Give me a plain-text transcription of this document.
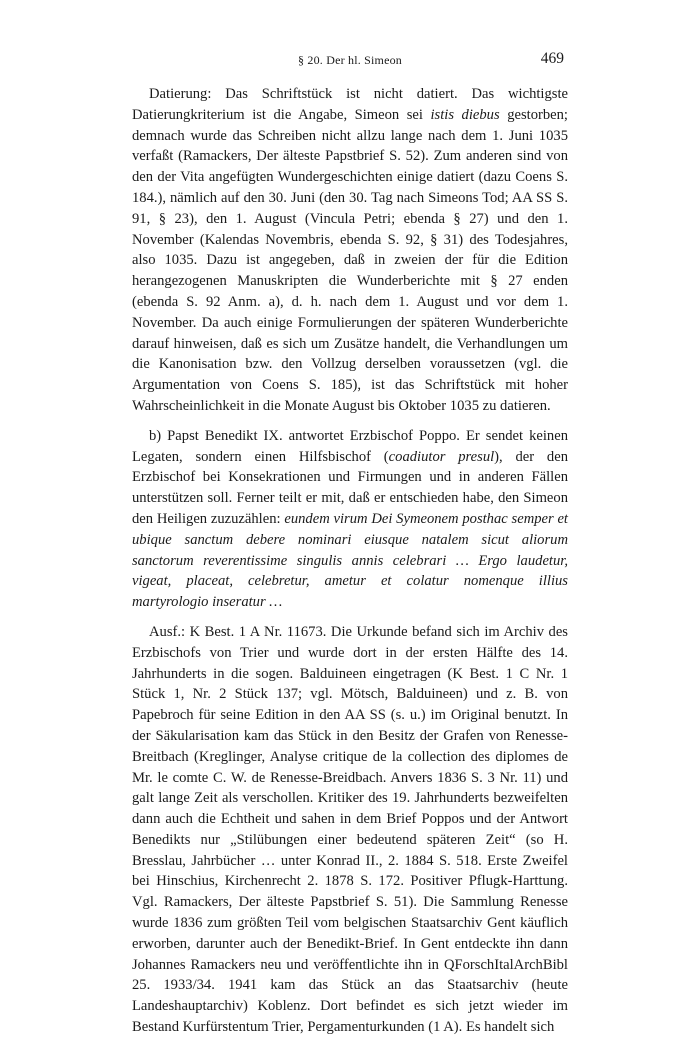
§ 20. Der hl. Simeon	469

Datierung: Das Schriftstück ist nicht datiert. Das wichtigste Datierungkriterium ist die Angabe, Simeon sei istis diebus gestorben; demnach wurde das Schreiben nicht allzu lange nach dem 1. Juni 1035 verfaßt (Ramackers, Der älteste Papstbrief S. 52). Zum anderen sind von den der Vita angefügten Wundergeschichten einige datiert (dazu Coens S. 184.), nämlich auf den 30. Juni (den 30. Tag nach Simeons Tod; AA SS S. 91, § 23), den 1. August (Vincula Petri; ebenda § 27) und den 1. November (Kalendas Novembris, ebenda S. 92, § 31) des Todesjahres, also 1035. Dazu ist angegeben, daß in zweien der für die Edition herangezogenen Manuskripten die Wunderberichte mit § 27 enden (ebenda S. 92 Anm. a), d. h. nach dem 1. August und vor dem 1. November. Da auch einige Formulierungen der späteren Wunderberichte darauf hinweisen, daß es sich um Zusätze handelt, die Verhandlungen um die Kanonisation bzw. den Vollzug derselben voraussetzen (vgl. die Argumentation von Coens S. 185), ist das Schriftstück mit hoher Wahrscheinlichkeit in die Monate August bis Oktober 1035 zu datieren.

b) Papst Benedikt IX. antwortet Erzbischof Poppo. Er sendet keinen Legaten, sondern einen Hilfsbischof (coadiutor presul), der den Erzbischof bei Konsekrationen und Firmungen und in anderen Fällen unterstützen soll. Ferner teilt er mit, daß er entschieden habe, den Simeon den Heiligen zuzuzählen: eundem virum Dei Symeonem posthac semper et ubique sanctum debere nominari eiusque natalem sicut aliorum sanctorum reverentissime singulis annis celebrari … Ergo laudetur, vigeat, placeat, celebretur, ametur et colatur nomenque illius martyrologio inseratur …

Ausf.: K Best. 1 A Nr. 11673. Die Urkunde befand sich im Archiv des Erzbischofs von Trier und wurde dort in der ersten Hälfte des 14. Jahrhunderts in die sogen. Balduineen eingetragen (K Best. 1 C Nr. 1 Stück 1, Nr. 2 Stück 137; vgl. Mötsch, Balduineen) und z. B. von Papebroch für seine Edition in den AA SS (s. u.) im Original benutzt. In der Säkularisation kam das Stück in den Besitz der Grafen von Renesse-Breitbach (Kreglinger, Analyse critique de la collection des diplomes de Mr. le comte C. W. de Renesse-Breidbach. Anvers 1836 S. 3 Nr. 11) und galt lange Zeit als verschollen. Kritiker des 19. Jahrhunderts bezweifelten dann auch die Echtheit und sahen in dem Brief Poppos und der Antwort Benedikts nur „Stilübungen einer bedeutend späteren Zeit“ (so H. Bresslau, Jahrbücher … unter Konrad II., 2. 1884 S. 518. Erste Zweifel bei Hinschius, Kirchenrecht 2. 1878 S. 172. Positiver Pflugk-Harttung. Vgl. Ramackers, Der älteste Papstbrief S. 51). Die Sammlung Renesse wurde 1836 zum größten Teil vom belgischen Staatsarchiv Gent käuflich erworben, darunter auch der Benedikt-Brief. In Gent entdeckte ihn dann Johannes Ramackers neu und veröffentlichte ihn in QForschItalArchBibl 25. 1933/34. 1941 kam das Stück an das Staatsarchiv (heute Landeshauptarchiv) Koblenz. Dort befindet es sich jetzt wieder im Bestand Kurfürstentum Trier, Pergamenturkunden (1 A). Es handelt sich
